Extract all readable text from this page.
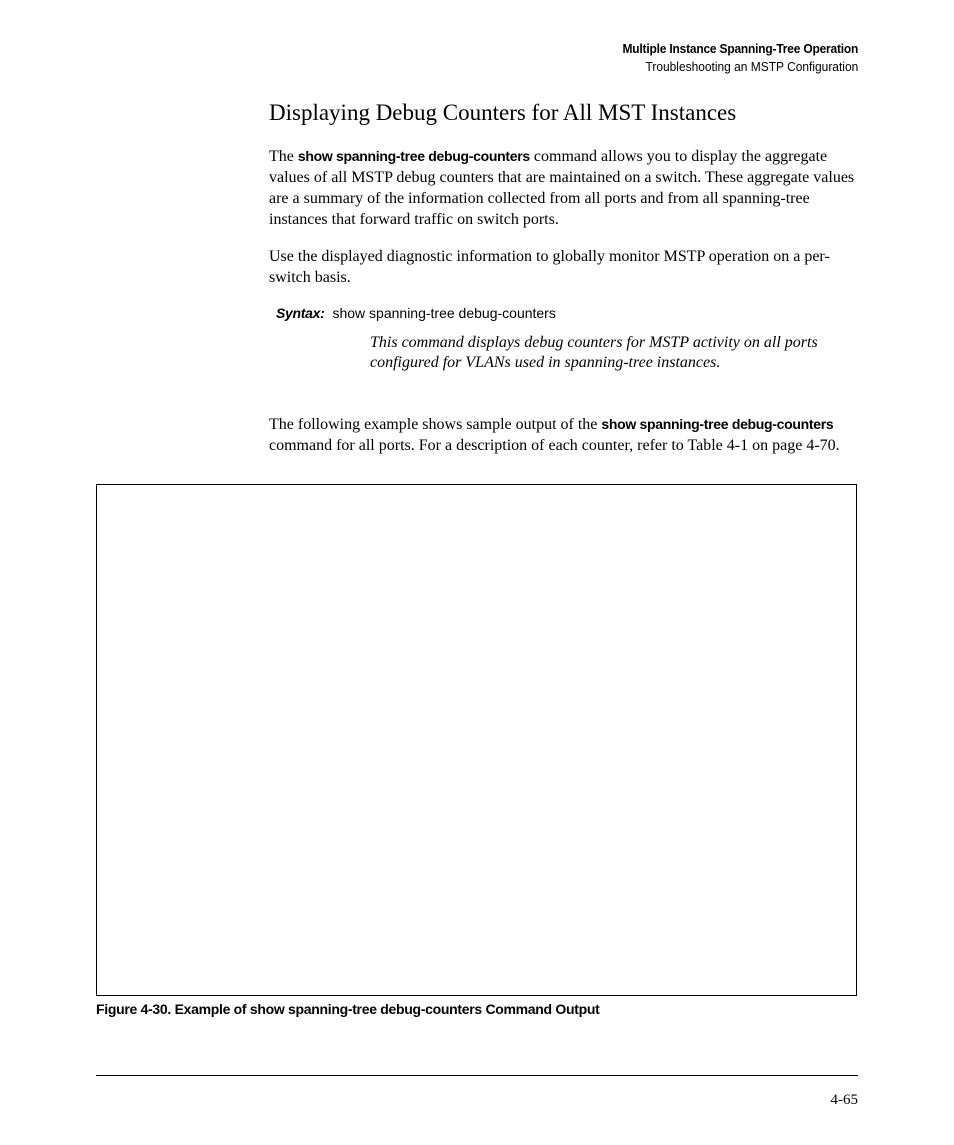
Multiple Instance Spanning-Tree Operation
Troubleshooting an MSTP Configuration
Displaying Debug Counters for All MST Instances
The show spanning-tree debug-counters command allows you to display the aggregate values of all MSTP debug counters that are maintained on a switch. These aggregate values are a summary of the information collected from all ports and from all spanning-tree instances that forward traffic on switch ports.
Use the displayed diagnostic information to globally monitor MSTP operation on a per-switch basis.
Syntax: show spanning-tree debug-counters
This command displays debug counters for MSTP activity on all ports configured for VLANs used in spanning-tree instances.
The following example shows sample output of the show spanning-tree debug-counters command for all ports. For a description of each counter, refer to Table 4-1 on page 4-70.
Figure 4-30. Example of show spanning-tree debug-counters Command Output
4-65
